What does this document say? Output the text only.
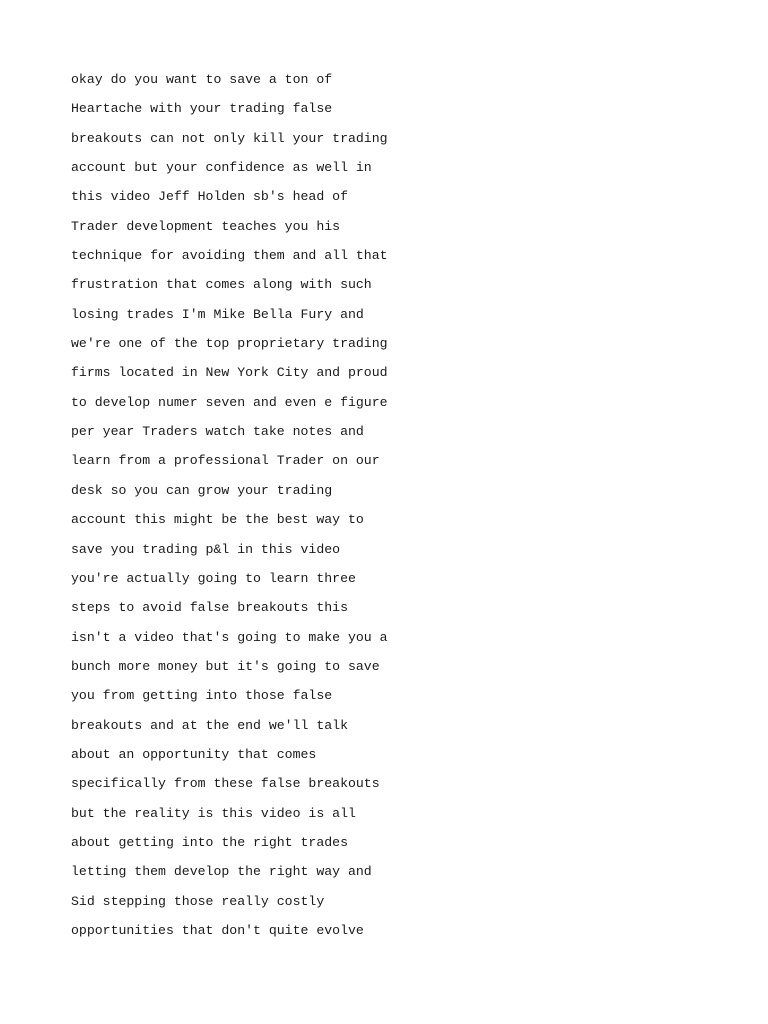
okay do you want to save a ton of
Heartache with your trading false
breakouts can not only kill your trading
account but your confidence as well in
this video Jeff Holden sb's head of
Trader development teaches you his
technique for avoiding them and all that
frustration that comes along with such
losing trades I'm Mike Bella Fury and
we're one of the top proprietary trading
firms located in New York City and proud
to develop numer seven and even e figure
per year Traders watch take notes and
learn from a professional Trader on our
desk so you can grow your trading
account this might be the best way to
save you trading p&l in this video
you're actually going to learn three
steps to avoid false breakouts this
isn't a video that's going to make you a
bunch more money but it's going to save
you from getting into those false
breakouts and at the end we'll talk
about an opportunity that comes
specifically from these false breakouts
but the reality is this video is all
about getting into the right trades
letting them develop the right way and
Sid stepping those really costly
opportunities that don't quite evolve
